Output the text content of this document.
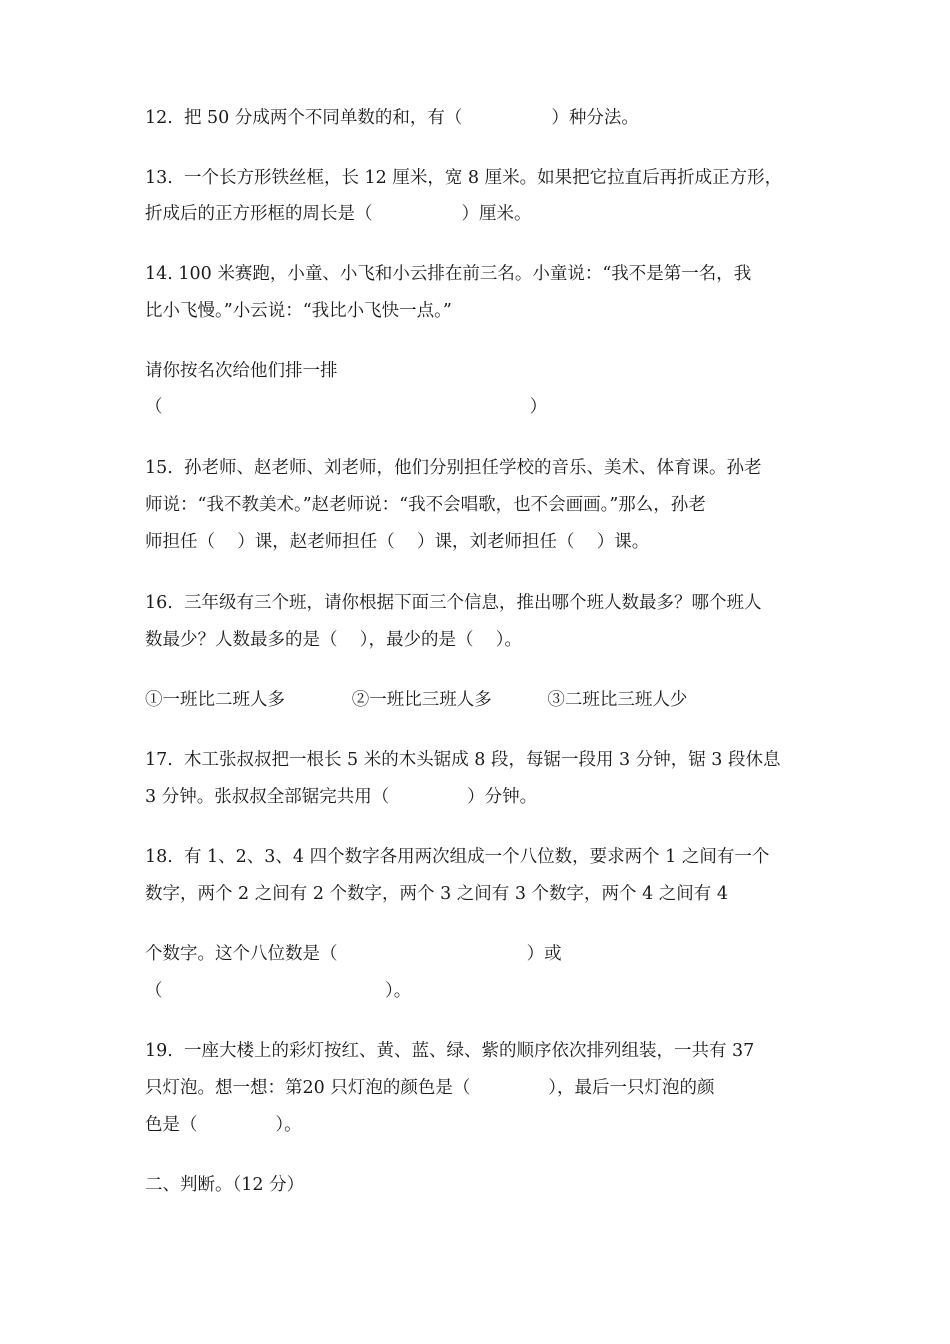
12.  把 50 分成两个不同单数的和，有（                ）种分法。

13.  一个长方形铁丝框，长 12 厘米，宽 8 厘米。如果把它拉直后再折成正方形，

折成后的正方形框的周长是（                ）厘米。

14. 100 米赛跑，小童、小飞和小云排在前三名。小童说：“我不是第一名，我

比小飞慢。”小云说：“我比小飞快一点。”

请你按名次给他们排一排

（                                                                  ）

15.  孙老师、赵老师、刘老师，他们分别担任学校的音乐、美术、体育课。孙老

师说：“我不教美术。”赵老师说：“我不会唱歌，也不会画画。”那么，孙老

师担任（    ）课，赵老师担任（    ）课，刘老师担任（    ）课。

16.  三年级有三个班，请你根据下面三个信息，推出哪个班人数最多？哪个班人

数最少？人数最多的是（    ），最少的是（    ）。

①一班比二班人多            ②一班比三班人多          ③二班比三班人少

17.  木工张叔叔把一根长 5 米的木头锯成 8 段，每锯一段用 3 分钟，锯 3 段休息

3 分钟。张叔叔全部锯完共用（              ）分钟。

18.  有 1、2、3、4 四个数字各用两次组成一个八位数，要求两个 1 之间有一个

数字，两个 2 之间有 2 个数字，两个 3 之间有 3 个数字，两个 4 之间有 4

个数字。这个八位数是（                                  ）或

（                                        ）。

19.  一座大楼上的彩灯按红、黄、蓝、绿、紫的顺序依次排列组装，一共有 37

只灯泡。想一想：第20 只灯泡的颜色是（              ），最后一只灯泡的颜

色是（              ）。

二、判断。（12 分）
